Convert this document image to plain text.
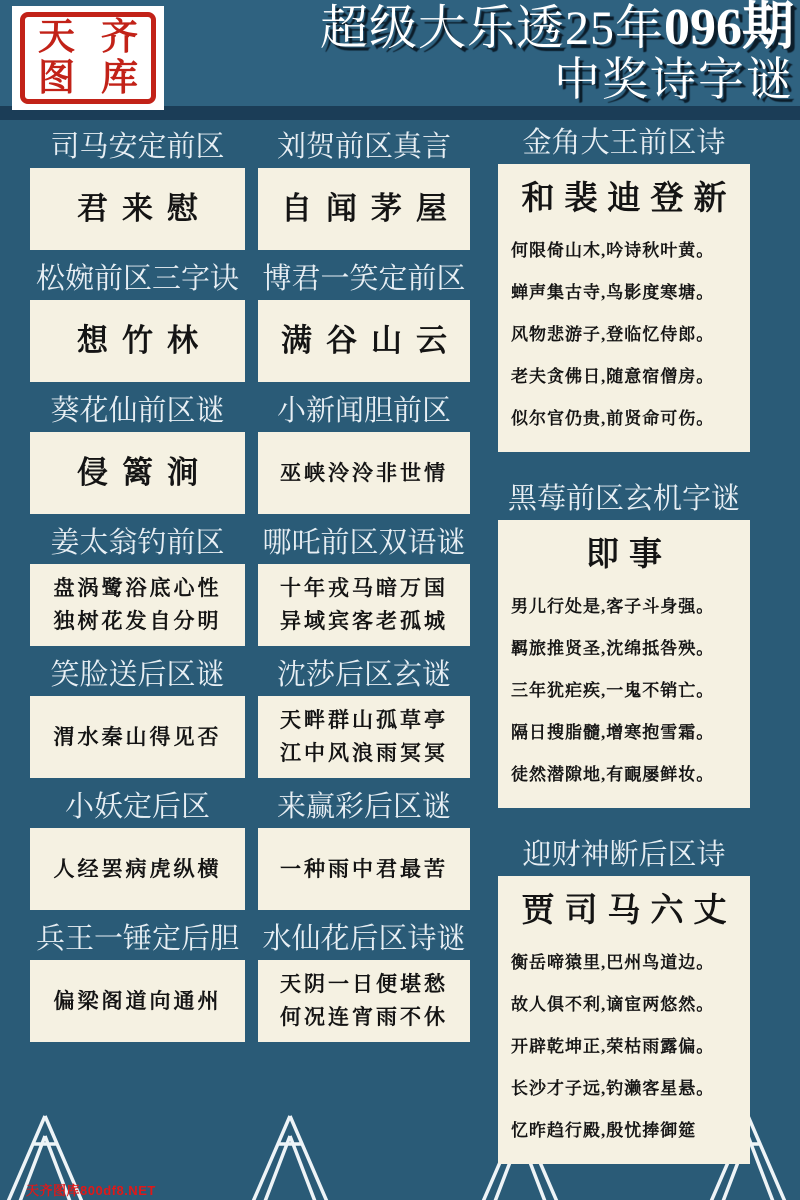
天 齐
图 库
超级大乐透25年096期
中奖诗字谜
司马安定前区
君来慰
松婉前区三字诀
想竹林
葵花仙前区谜
侵篱涧
姜太翁钓前区
盘涡鹭浴底心性
独树花发自分明
笑脸送后区谜
渭水秦山得见否
小妖定后区
人经罢病虎纵横
兵王一锤定后胆
偏梁阁道向通州
刘贺前区真言
自闻茅屋
博君一笑定前区
满谷山云
小新闻胆前区
巫峡泠泠非世情
哪吒前区双语谜
十年戎马暗万国
异域宾客老孤城
沈莎后区玄谜
天畔群山孤草亭
江中风浪雨冥冥
来赢彩后区谜
一种雨中君最苦
水仙花后区诗谜
天阴一日便堪愁
何况连宵雨不休
金角大王前区诗
和裴迪登新
何限倚山木,吟诗秋叶黄。
蝉声集古寺,鸟影度寒塘。
风物悲游子,登临忆侍郎。
老夫贪佛日,随意宿僧房。
似尔官仍贵,前贤命可伤。
黑莓前区玄机字谜
即事
男儿行处是,客子斗身强。
羁旅推贤圣,沈绵抵咎殃。
三年犹疟疾,一鬼不销亡。
隔日搜脂髓,增寒抱雪霜。
徒然潜隙地,有靦屡鲜妆。
迎财神断后区诗
贾司马六丈
衡岳啼猿里,巴州鸟道边。
故人俱不利,谪宦两悠然。
开辟乾坤正,荣枯雨露偏。
长沙才子远,钓濑客星悬。
忆昨趋行殿,殷忧捧御筵
天齐图库800df8.NET
